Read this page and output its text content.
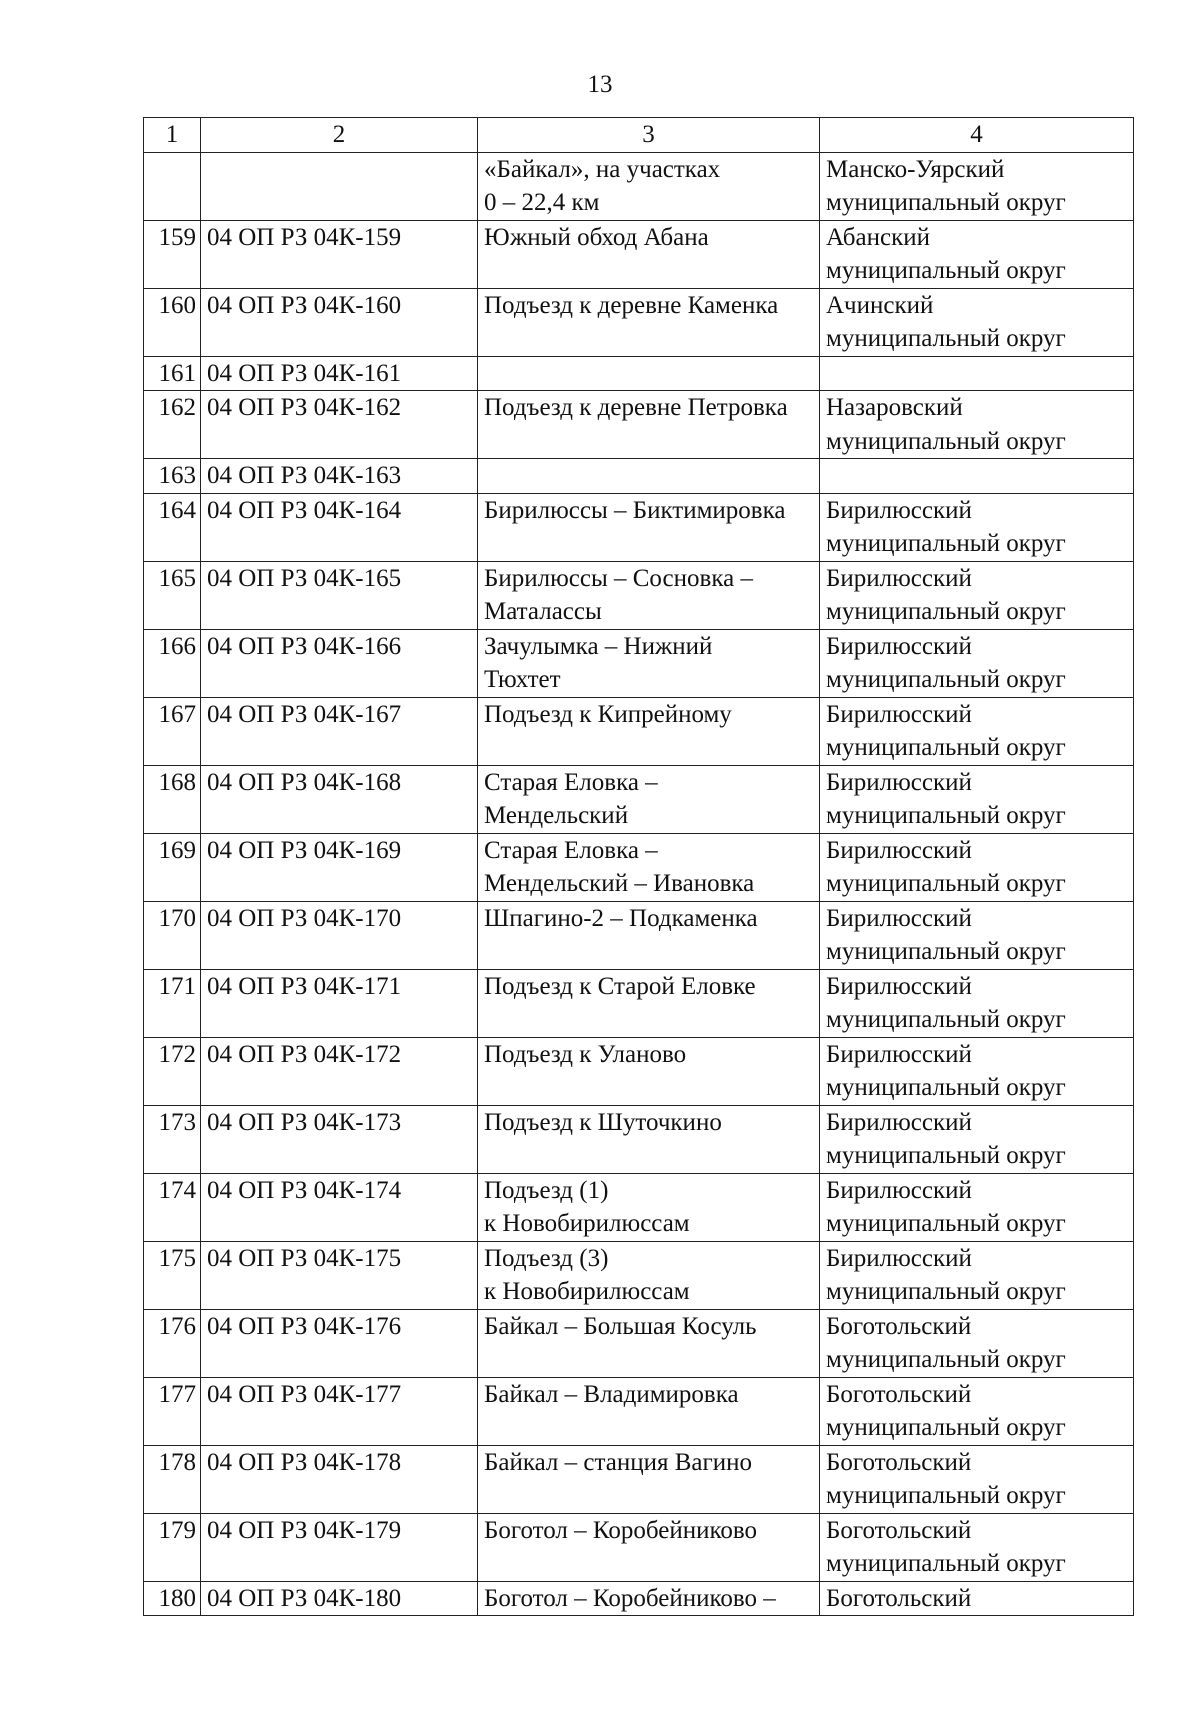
13
1	2	3	4
		«Байкал», на участках
0 – 22,4 км	Манско-Уярский
муниципальный округ
159	04 ОП РЗ 04К-159	Южный обход Абана	Абанский
муниципальный округ
160	04 ОП РЗ 04К-160	Подъезд к деревне Каменка	Ачинский
муниципальный округ
161	04 ОП РЗ 04К-161		
162	04 ОП РЗ 04К-162	Подъезд к деревне Петровка	Назаровский
муниципальный округ
163	04 ОП РЗ 04К-163		
164	04 ОП РЗ 04К-164	Бирилюссы – Биктимировка	Бирилюсский
муниципальный округ
165	04 ОП РЗ 04К-165	Бирилюссы – Сосновка –
Маталассы	Бирилюсский
муниципальный округ
166	04 ОП РЗ 04К-166	Зачулымка – Нижний
Тюхтет	Бирилюсский
муниципальный округ
167	04 ОП РЗ 04К-167	Подъезд к Кипрейному	Бирилюсский
муниципальный округ
168	04 ОП РЗ 04К-168	Старая Еловка –
Мендельский	Бирилюсский
муниципальный округ
169	04 ОП РЗ 04К-169	Старая Еловка –
Мендельский – Ивановка	Бирилюсский
муниципальный округ
170	04 ОП РЗ 04К-170	Шпагино-2 – Подкаменка	Бирилюсский
муниципальный округ
171	04 ОП РЗ 04К-171	Подъезд к Старой Еловке	Бирилюсский
муниципальный округ
172	04 ОП РЗ 04К-172	Подъезд к Уланово	Бирилюсский
муниципальный округ
173	04 ОП РЗ 04К-173	Подъезд к Шуточкино	Бирилюсский
муниципальный округ
174	04 ОП РЗ 04К-174	Подъезд (1)
к Новобирилюссам	Бирилюсский
муниципальный округ
175	04 ОП РЗ 04К-175	Подъезд (3)
к Новобирилюссам	Бирилюсский
муниципальный округ
176	04 ОП РЗ 04К-176	Байкал – Большая Косуль	Боготольский
муниципальный округ
177	04 ОП РЗ 04К-177	Байкал – Владимировка	Боготольский
муниципальный округ
178	04 ОП РЗ 04К-178	Байкал – станция Вагино	Боготольский
муниципальный округ
179	04 ОП РЗ 04К-179	Боготол – Коробейниково	Боготольский
муниципальный округ
180	04 ОП РЗ 04К-180	Боготол – Коробейниково –	Боготольский
